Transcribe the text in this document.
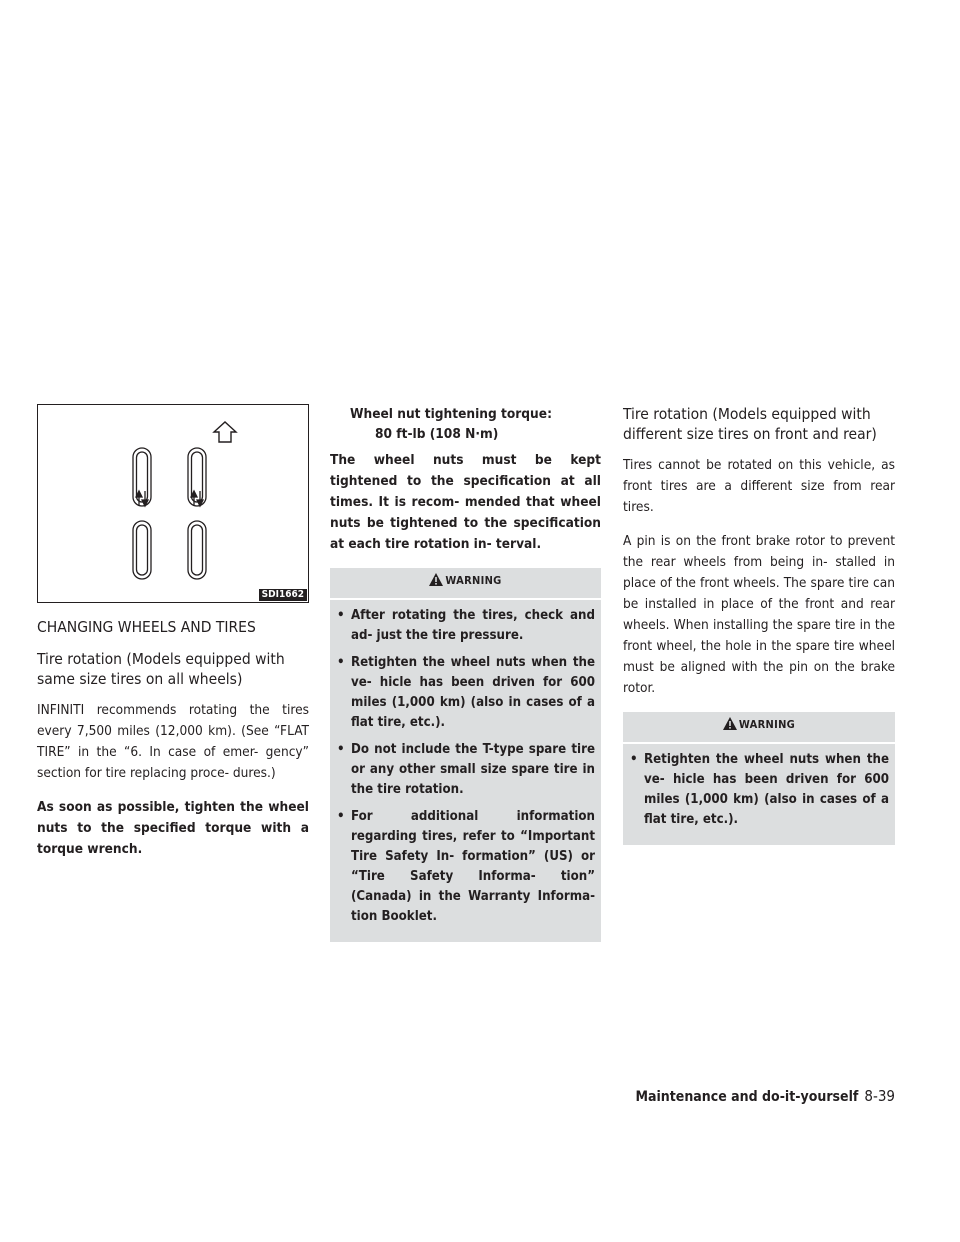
SDI1662
CHANGING WHEELS AND TIRES
Tire rotation (Models equipped with same size tires on all wheels)

INFINITI recommends rotating the tires every 7,500 miles (12,000 km). (See “FLAT TIRE” in the “6. In case of emer- gency” section for tire replacing proce- dures.)

As soon as possible, tighten the wheel nuts to the specified torque with a torque wrench.

Wheel nut tightening torque:
80 ft-lb (108 N·m)

The wheel nuts must be kept tightened to the specification at all times. It is recom- mended that wheel nuts be tightened to the specification at each tire rotation in- terval.

WARNING
• After rotating the tires, check and ad- just the tire pressure.
• Retighten the wheel nuts when the ve- hicle has been driven for 600 miles (1,000 km) (also in cases of a flat tire, etc.).
• Do not include the T-type spare tire or any other small size spare tire in the tire rotation.
• For additional information regarding tires, refer to “Important Tire Safety In- formation” (US) or “Tire Safety Informa- tion” (Canada) in the Warranty Informa- tion Booklet.
Tire rotation (Models equipped with different size tires on front and rear)

Tires cannot be rotated on this vehicle, as front tires are a different size from rear tires.

A pin is on the front brake rotor to prevent the rear wheels from being in- stalled in place of the front wheels. The spare tire can be installed in place of the front and rear wheels. When installing the spare tire in the front wheel, the hole in the spare tire wheel must be aligned with the pin on the brake rotor.

WARNING
• Retighten the wheel nuts when the ve- hicle has been driven for 600 miles (1,000 km) (also in cases of a flat tire, etc.).
Maintenance and do-it-yourself 8-39
